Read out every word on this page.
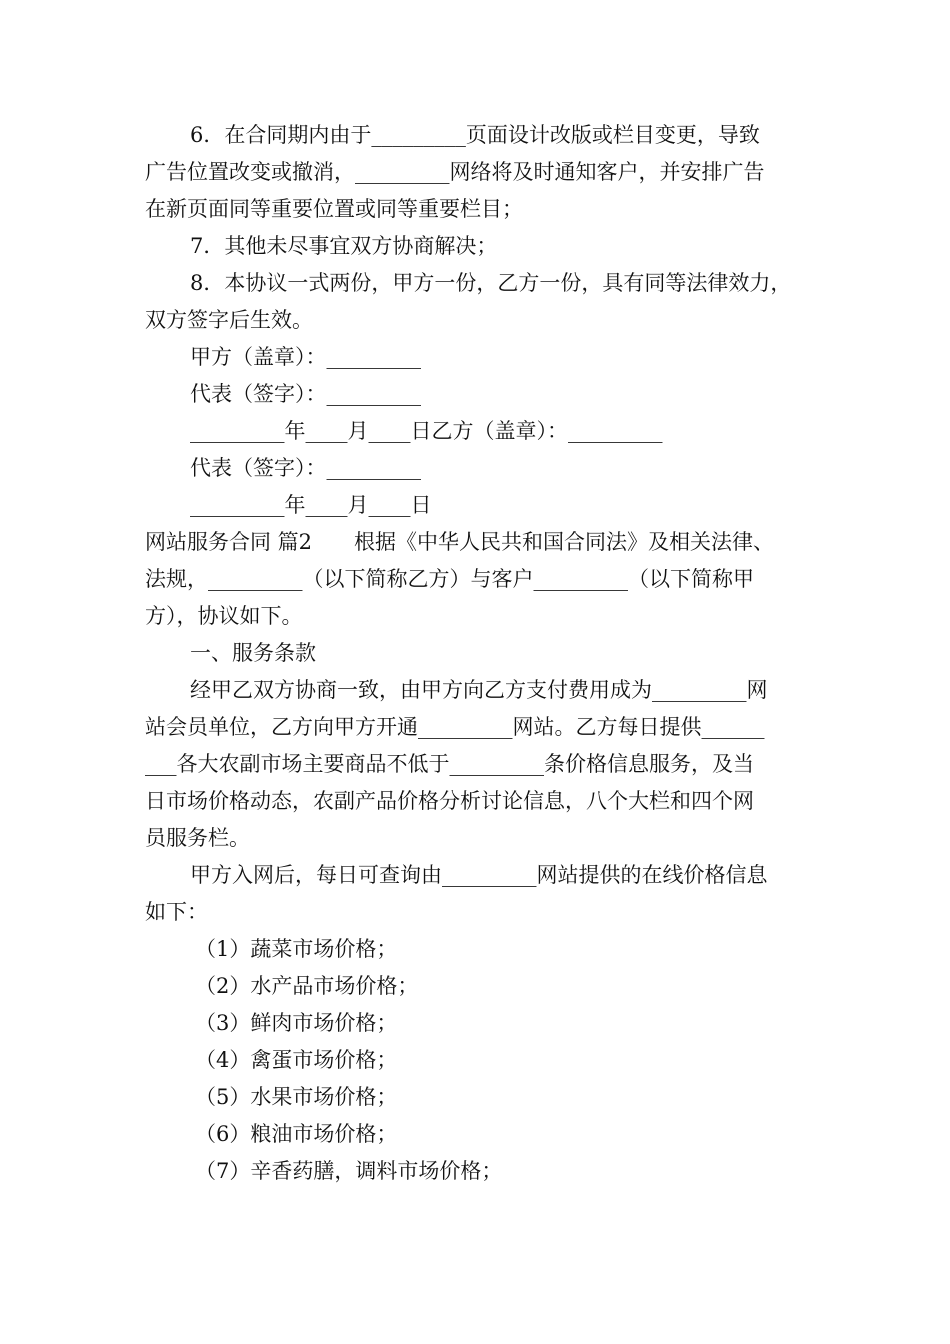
6．在合同期内由于_________页面设计改版或栏目变更，导致
广告位置改变或撤消，_________网络将及时通知客户，并安排广告
在新页面同等重要位置或同等重要栏目；
7．其他未尽事宜双方协商解决；
8．本协议一式两份，甲方一份，乙方一份，具有同等法律效力，
双方签字后生效。
甲方（盖章）：_________
代表（签字）：_________
_________年____月____日乙方（盖章）：_________
代表（签字）：_________
_________年____月____日
网站服务合同 篇2　　根据《中华人民共和国合同法》及相关法律、
法规，_________（以下简称乙方）与客户_________（以下简称甲
方），协议如下。
一、服务条款
经甲乙双方协商一致，由甲方向乙方支付费用成为_________网
站会员单位，乙方向甲方开通_________网站。乙方每日提供______
___各大农副市场主要商品不低于_________条价格信息服务，及当
日市场价格动态，农副产品价格分析讨论信息，八个大栏和四个网
员服务栏。
甲方入网后，每日可查询由_________网站提供的在线价格信息
如下：
（1）蔬菜市场价格；
（2）水产品市场价格；
（3）鲜肉市场价格；
（4）禽蛋市场价格；
（5）水果市场价格；
（6）粮油市场价格；
（7）辛香药膳，调料市场价格；
